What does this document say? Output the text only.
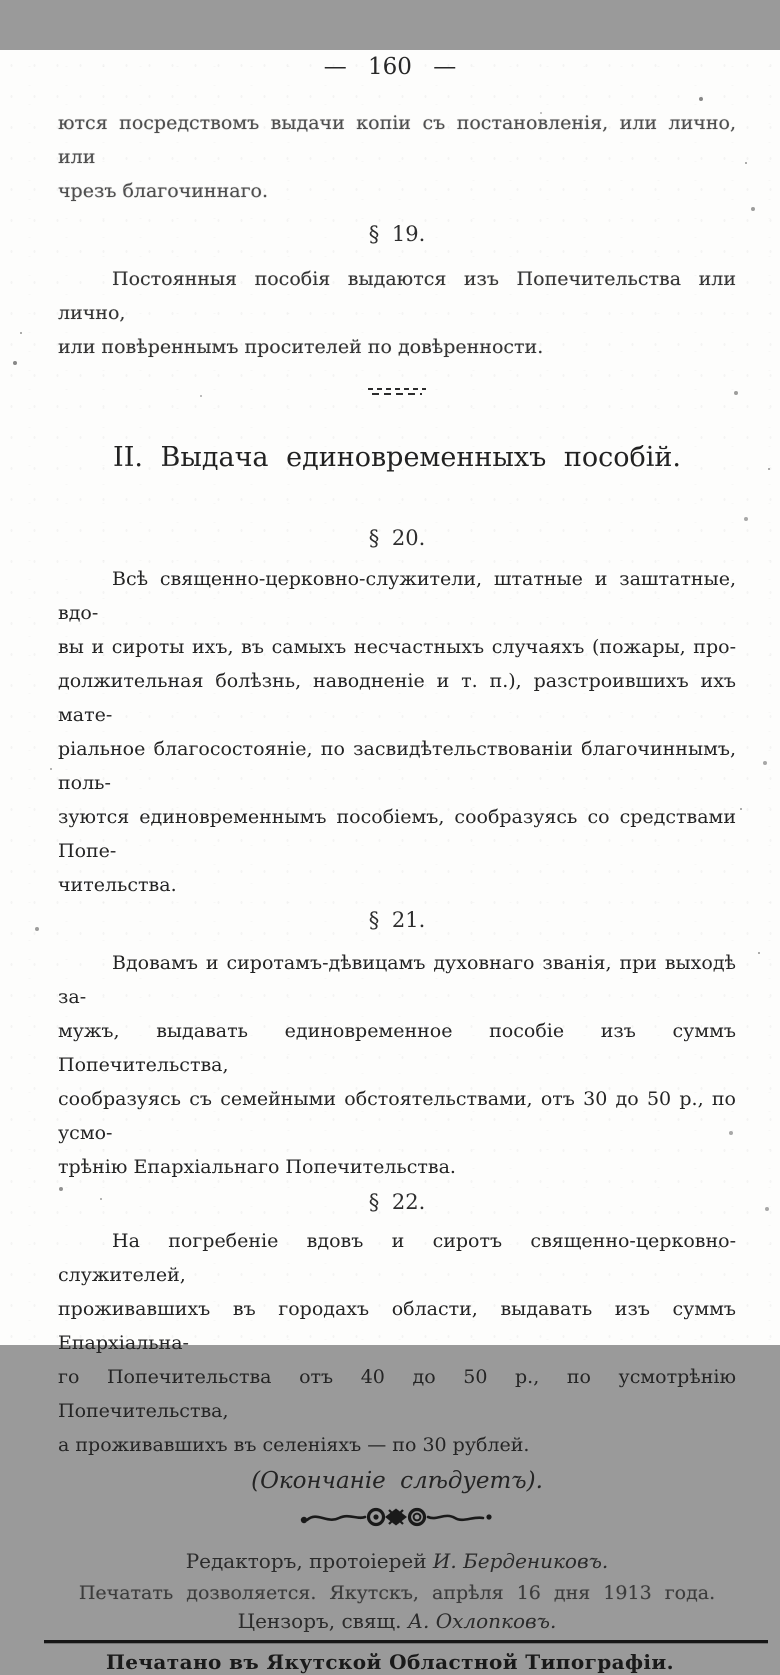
— 160 —
ются посредствомъ выдачи копіи съ постановленія, или лично, или
чрезъ благочиннаго.
§ 19.
Постоянныя пособія выдаются изъ Попечительства или лично,
или повѣреннымъ просителей по довѣренности.
II. Выдача единовременныхъ пособій.
§ 20.
Всѣ священно-церковно-служители, штатные и заштатные, вдо-
вы и сироты ихъ, въ самыхъ несчастныхъ случаяхъ (пожары, про-
должительная болѣзнь, наводненіе и т. п.), разстроившихъ ихъ мате-
ріальное благосостояніе, по засвидѣтельствованіи благочиннымъ, поль-
зуются единовременнымъ пособіемъ, сообразуясь со средствами Попе-
чительства.
§ 21.
Вдовамъ и сиротамъ-дѣвицамъ духовнаго званія, при выходѣ за-
мужъ, выдавать единовременное пособіе изъ суммъ Попечительства,
сообразуясь съ семейными обстоятельствами, отъ 30 до 50 р., по усмо-
трѣнію Епархіальнаго Попечительства.
§ 22.
На погребеніе вдовъ и сиротъ священно-церковно-служителей,
проживавшихъ въ городахъ области, выдавать изъ суммъ Епархіальна-
го Попечительства отъ 40 до 50 р., по усмотрѣнію Попечительства,
а проживавшихъ въ селеніяхъ — по 30 рублей.
(Окончаніе слѣдуетъ).
Редакторъ, протоіерей И. Бердениковъ.
Печатать дозволяется. Якутскъ, апрѣля 16 дня 1913 года.
Цензоръ, свящ. А. Охлопковъ.
Печатано въ Якутской Областной Типографіи.
